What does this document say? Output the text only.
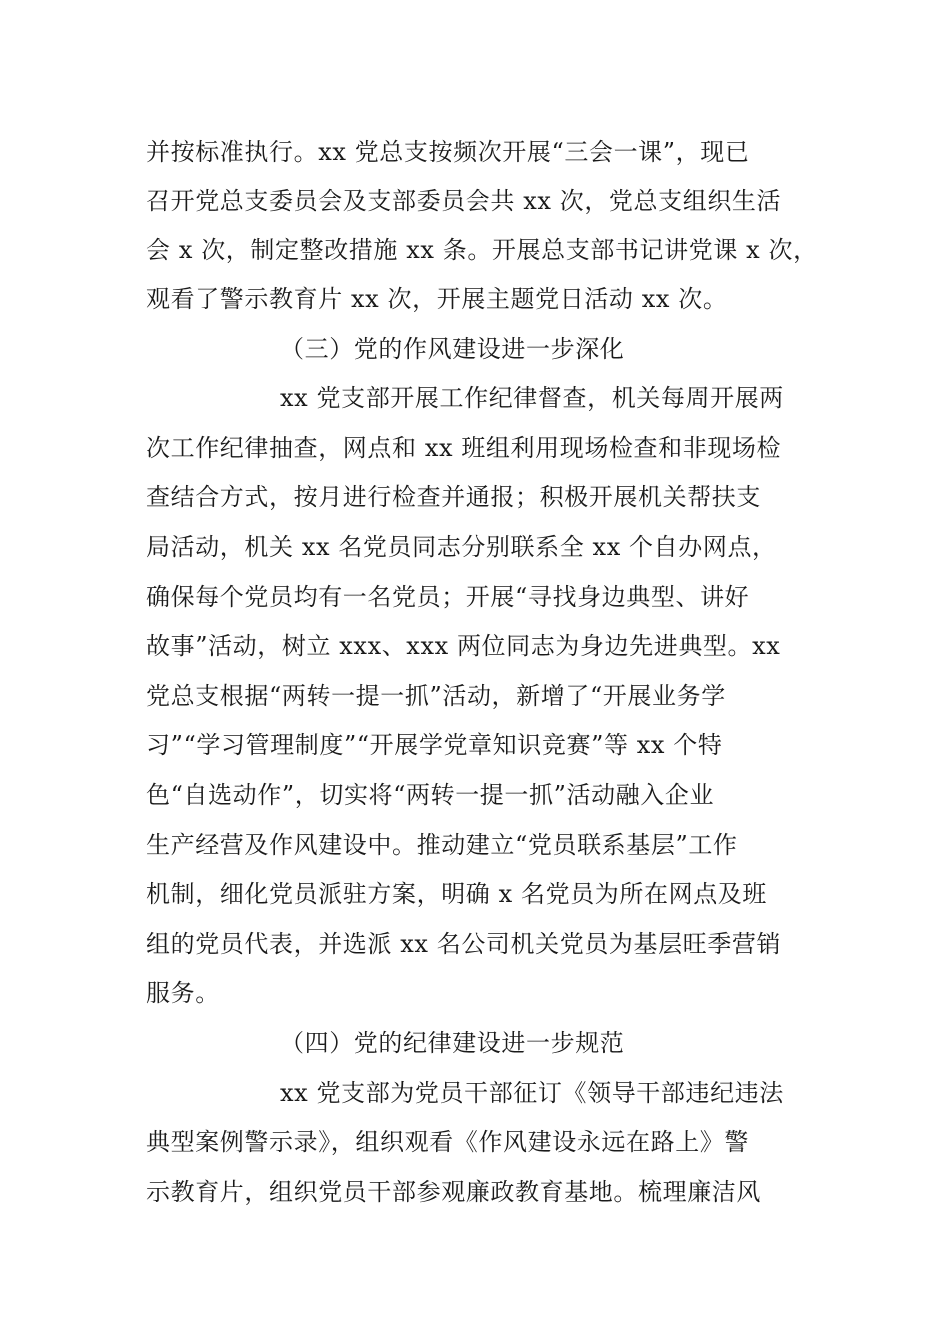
并按标准执行。xx 党总支按频次开展“三会一课”，现已
召开党总支委员会及支部委员会共 xx 次，党总支组织生活
会 x 次，制定整改措施 xx 条。开展总支部书记讲党课 x 次，
观看了警示教育片 xx 次，开展主题党日活动 xx 次。
（三）党的作风建设进一步深化
xx 党支部开展工作纪律督查，机关每周开展两
次工作纪律抽查，网点和 xx 班组利用现场检查和非现场检
查结合方式，按月进行检查并通报；积极开展机关帮扶支
局活动，机关 xx 名党员同志分别联系全 xx 个自办网点，
确保每个党员均有一名党员；开展“寻找身边典型、讲好
故事”活动，树立 xxx、xxx 两位同志为身边先进典型。xx
党总支根据“两转一提一抓”活动，新增了“开展业务学
习”“学习管理制度”“开展学党章知识竞赛”等 xx 个特
色“自选动作”，切实将“两转一提一抓”活动融入企业
生产经营及作风建设中。推动建立“党员联系基层”工作
机制，细化党员派驻方案，明确 x 名党员为所在网点及班
组的党员代表，并选派 xx 名公司机关党员为基层旺季营销
服务。
（四）党的纪律建设进一步规范
xx 党支部为党员干部征订《领导干部违纪违法
典型案例警示录》，组织观看《作风建设永远在路上》警
示教育片，组织党员干部参观廉政教育基地。梳理廉洁风
